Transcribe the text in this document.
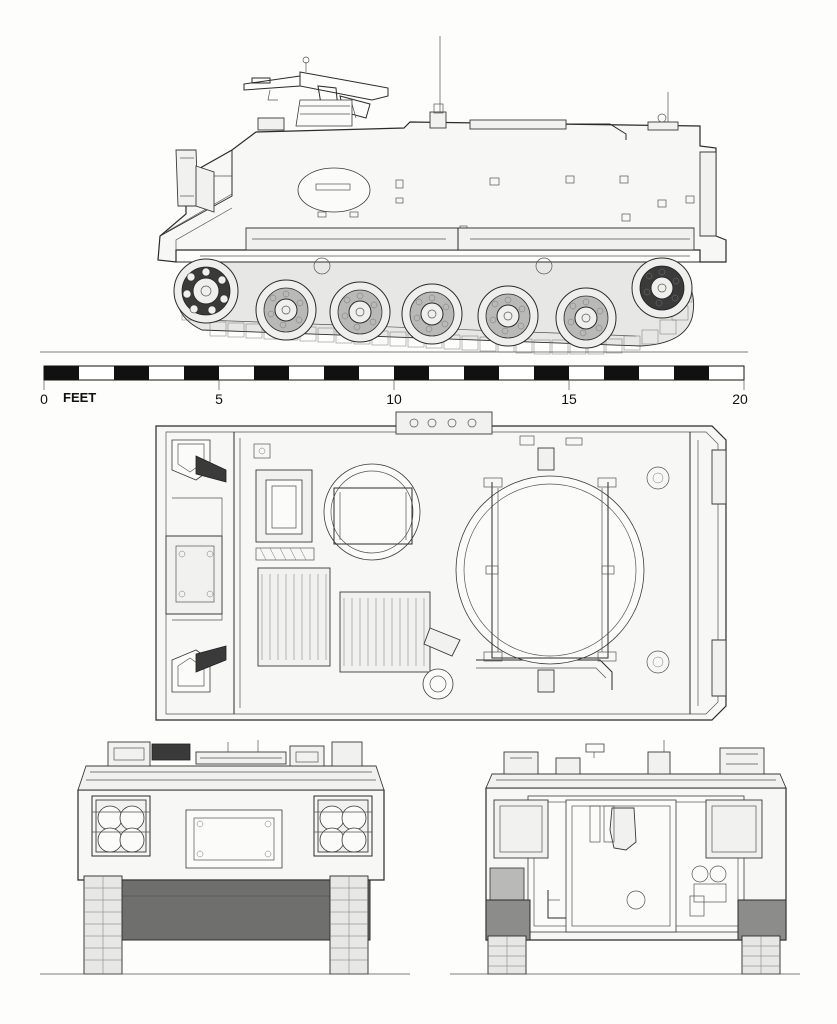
0 FEET	5	10	15	20
